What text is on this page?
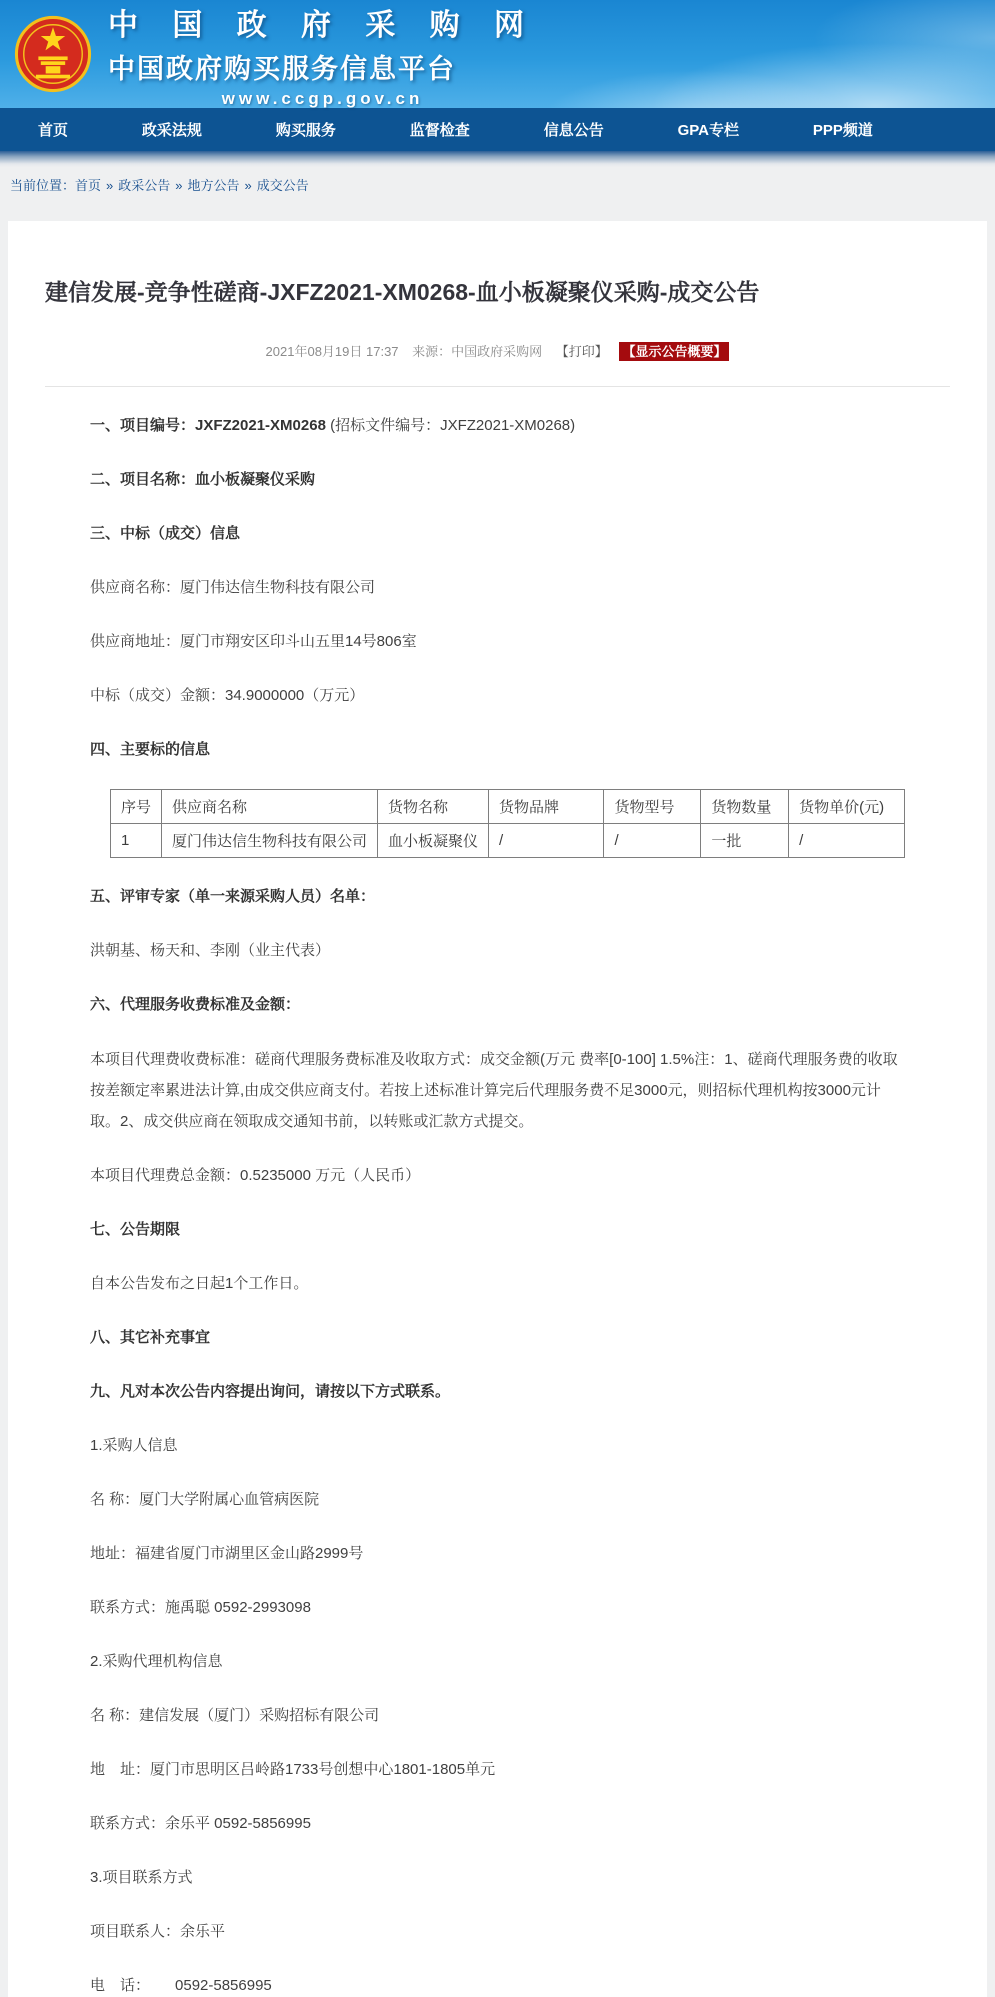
中 国 政 府 采 购 网
中国政府购买服务信息平台
www.ccgp.gov.cn
首页	政采法规	购买服务	监督检查	信息公告	GPA专栏	PPP频道
当前位置：首页 » 政采公告 » 地方公告 » 成交公告
建信发展-竞争性磋商-JXFZ2021-XM0268-血小板凝聚仪采购-成交公告
2021年08月19日 17:37 来源：中国政府采购网 【打印】 【显示公告概要】

一、项目编号：JXFZ2021-XM0268 (招标文件编号：JXFZ2021-XM0268)

二、项目名称：血小板凝聚仪采购

三、中标（成交）信息

供应商名称：厦门伟达信生物科技有限公司

供应商地址：厦门市翔安区印斗山五里14号806室

中标（成交）金额：34.9000000（万元）

四、主要标的信息

序号	供应商名称	货物名称	货物品牌	货物型号	货物数量	货物单价(元)
1	厦门伟达信生物科技有限公司	血小板凝聚仪	/	/	一批	/

五、评审专家（单一来源采购人员）名单：

洪朝基、杨天和、李刚（业主代表）

六、代理服务收费标准及金额：

本项目代理费收费标准：磋商代理服务费标准及收取方式：成交金额(万元 费率[0-100] 1.5%注：1、磋商代理服务费的收取按差额定率累进法计算,由成交供应商支付。若按上述标准计算完后代理服务费不足3000元，则招标代理机构按3000元计取。2、成交供应商在领取成交通知书前，以转账或汇款方式提交。

本项目代理费总金额：0.5235000 万元（人民币）

七、公告期限

自本公告发布之日起1个工作日。

八、其它补充事宜

九、凡对本次公告内容提出询问，请按以下方式联系。

1.采购人信息

名 称：厦门大学附属心血管病医院

地址：福建省厦门市湖里区金山路2999号

联系方式：施禹聪 0592-2993098

2.采购代理机构信息

名 称：建信发展（厦门）采购招标有限公司

地　址：厦门市思明区吕岭路1733号创想中心1801-1805单元

联系方式：余乐平 0592-5856995

3.项目联系方式

项目联系人：余乐平

电　话：      0592-5856995
